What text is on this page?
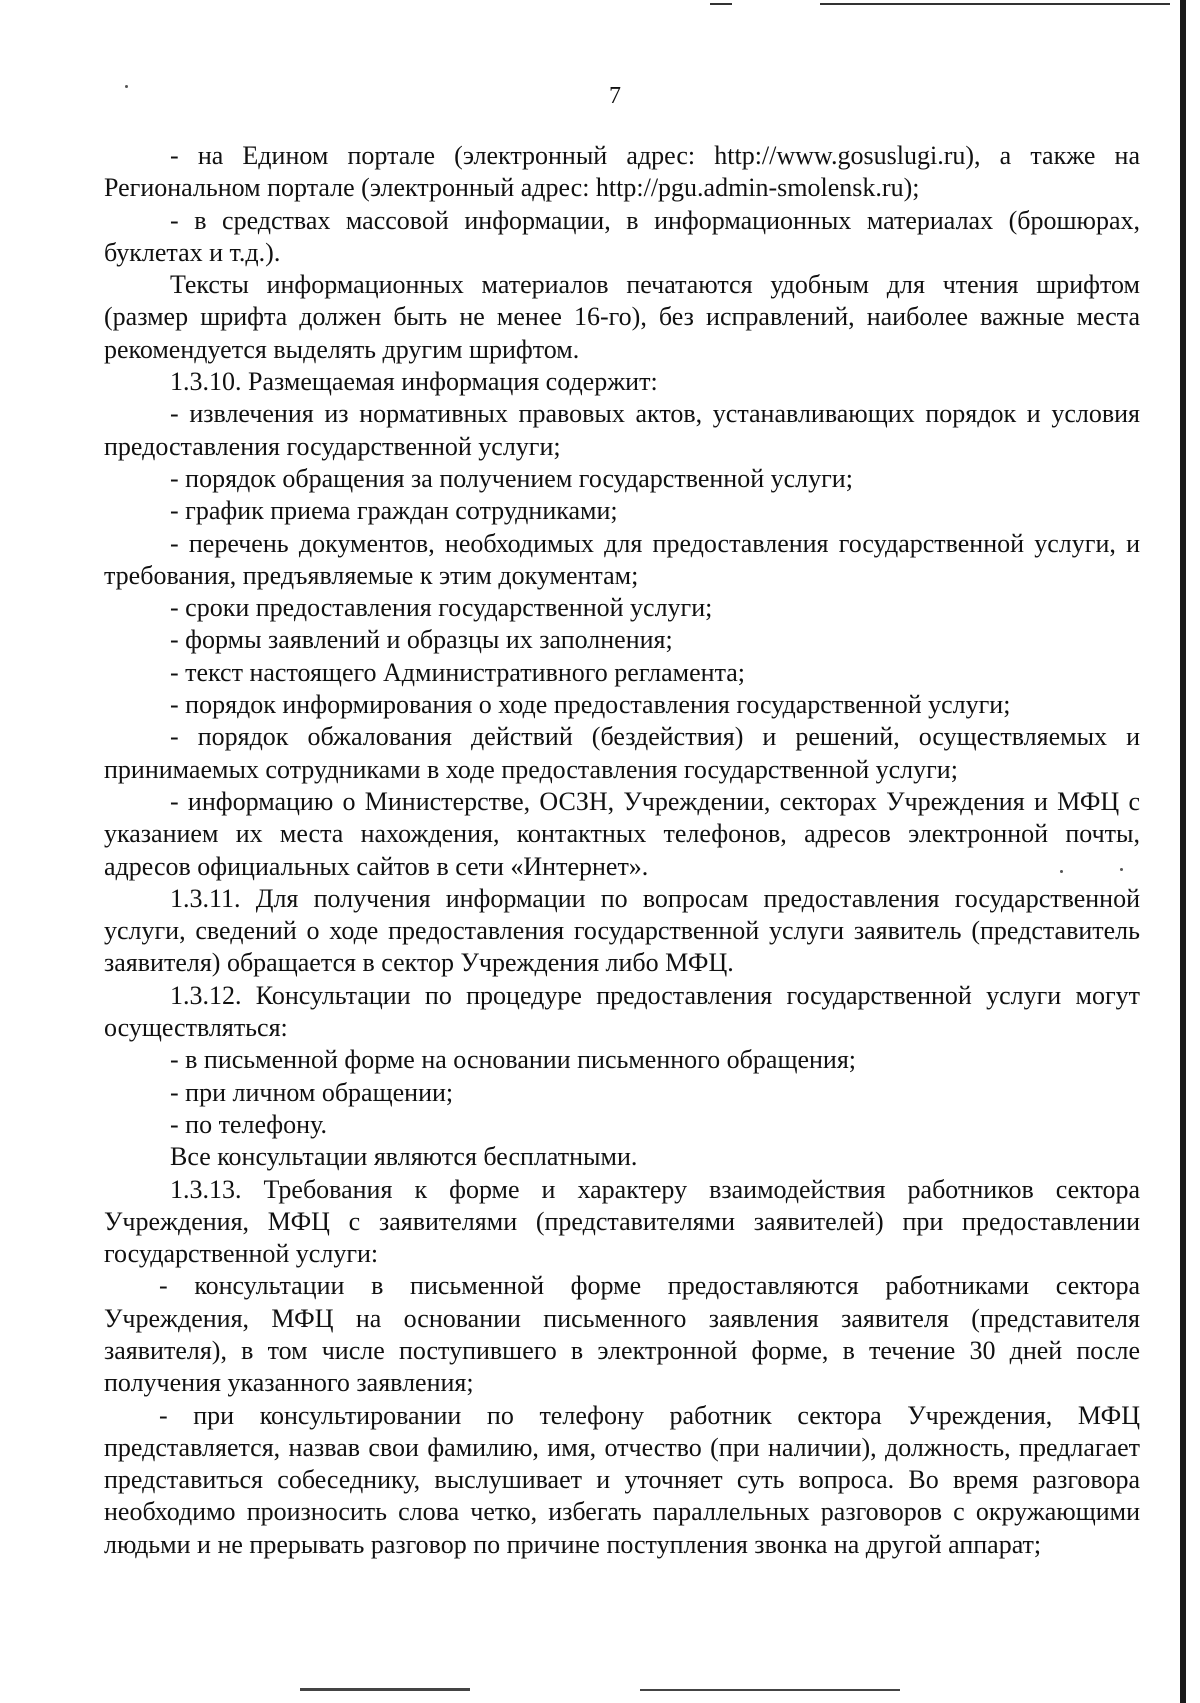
7

- на Едином портале (электронный адрес: http://www.gosuslugi.ru), а также на Региональном портале (электронный адрес: http://pgu.admin-smolensk.ru);

- в средствах массовой информации, в информационных материалах (брошюрах, буклетах и т.д.).

Тексты информационных материалов печатаются удобным для чтения шрифтом (размер шрифта должен быть не менее 16-го), без исправлений, наиболее важные места рекомендуется выделять другим шрифтом.

1.3.10. Размещаемая информация содержит:

- извлечения из нормативных правовых актов, устанавливающих порядок и условия предоставления государственной услуги;

- порядок обращения за получением государственной услуги;

- график приема граждан сотрудниками;

- перечень документов, необходимых для предоставления государственной услуги, и требования, предъявляемые к этим документам;

- сроки предоставления государственной услуги;

- формы заявлений и образцы их заполнения;

- текст настоящего Административного регламента;

- порядок информирования о ходе предоставления государственной услуги;

- порядок обжалования действий (бездействия) и решений, осуществляемых и принимаемых сотрудниками в ходе предоставления государственной услуги;

- информацию о Министерстве, ОСЗН, Учреждении, секторах Учреждения и МФЦ с указанием их места нахождения, контактных телефонов, адресов электронной почты, адресов официальных сайтов в сети «Интернет».

1.3.11. Для получения информации по вопросам предоставления государственной услуги, сведений о ходе предоставления государственной услуги заявитель (представитель заявителя) обращается в сектор Учреждения либо МФЦ.

1.3.12. Консультации по процедуре предоставления государственной услуги могут осуществляться:

- в письменной форме на основании письменного обращения;

- при личном обращении;

- по телефону.

Все консультации являются бесплатными.

1.3.13. Требования к форме и характеру взаимодействия работников сектора Учреждения, МФЦ с заявителями (представителями заявителей) при предоставлении государственной услуги:

- консультации в письменной форме предоставляются работниками сектора Учреждения, МФЦ на основании письменного заявления заявителя (представителя заявителя), в том числе поступившего в электронной форме, в течение 30 дней после получения указанного заявления;

- при консультировании по телефону работник сектора Учреждения, МФЦ представляется, назвав свои фамилию, имя, отчество (при наличии), должность, предлагает представиться собеседнику, выслушивает и уточняет суть вопроса. Во время разговора необходимо произносить слова четко, избегать параллельных разговоров с окружающими людьми и не прерывать разговор по причине поступления звонка на другой аппарат;
